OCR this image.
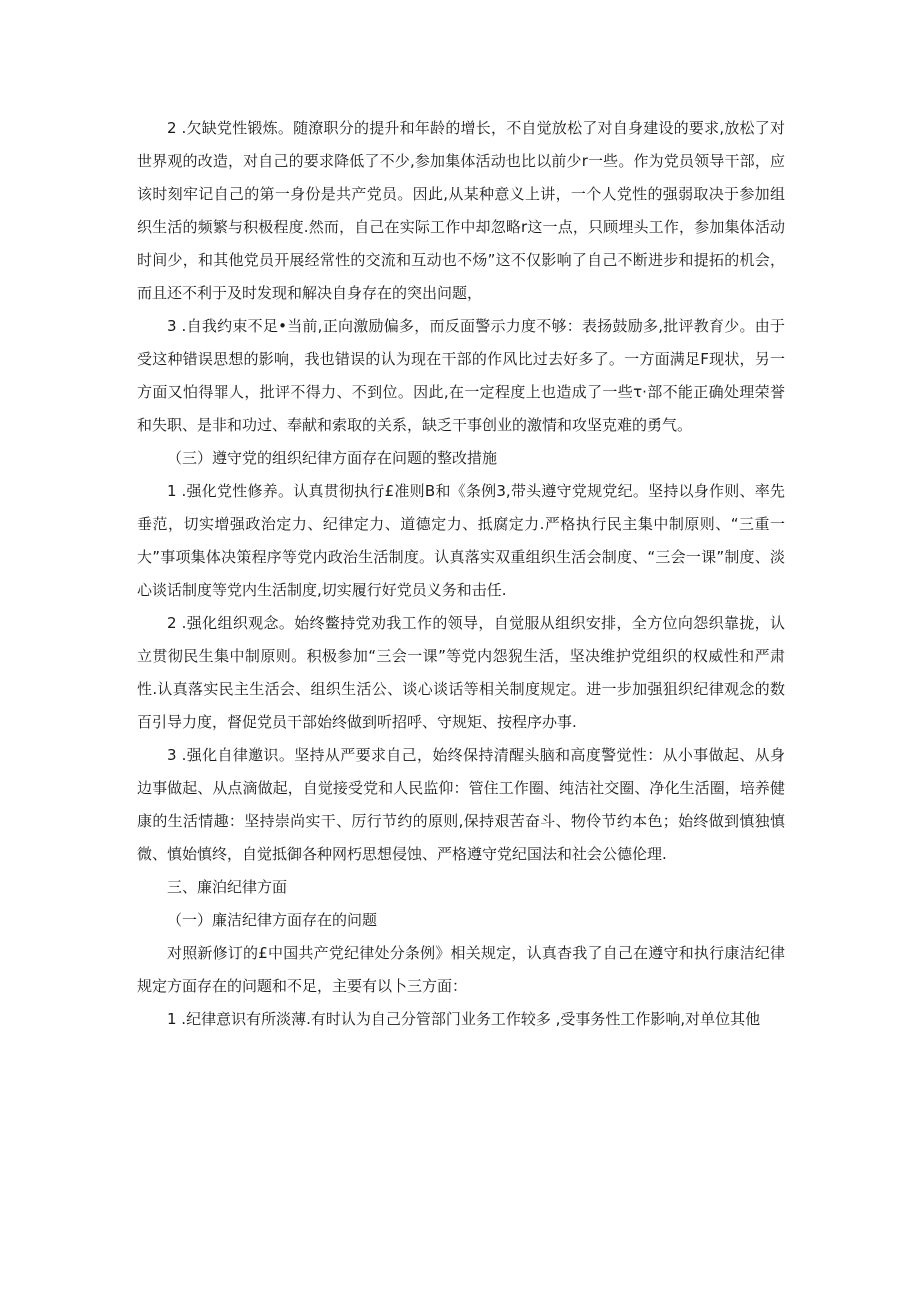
2 .欠缺党性锻炼。随潦职分的提升和年龄的增长，不自觉放松了对自身建设的要求,放松了对世界观的改造，对自己的要求降低了不少,参加集体活动也比以前少r一些。作为党员领导干部，应该时刻牢记自己的第一身份是共产党员。因此,从某种意义上讲，一个人党性的强弱取决于参加组织生活的频繁与积极程度.然而，自己在实际工作中却忽略r这一点，只顾埋头工作，参加集体活动时间少，和其他党员开展经常性的交流和互动也不炀”这不仅影响了自己不断进步和提拓的机会，而且还不利于及时发现和解决自身存在的突出问题，

3 .自我约束不足•当前,正向激励偏多，而反面警示力度不够：表扬鼓励多,批评教育少。由于受这种错误思想的影响，我也错误的认为现在干部的作风比过去好多了。一方面满足F现状，另一方面又怕得罪人，批评不得力、不到位。因此,在一定程度上也造成了一些τ·部不能正确处理荣誉和失职、是非和功过、奉献和索取的关系，缺乏干事创业的激情和攻坚克难的勇气。

（三）遵守党的组织纪律方面存在问题的整改措施

1 .强化党性修养。认真贯彻执行£准则B和《条例3,带头遵守党规党纪。坚持以身作则、率先垂范，切实增强政治定力、纪律定力、道德定力、抵腐定力.严格执行民主集中制原则、“三重一大”事项集体决策程序等党内政治生活制度。认真落实双重组织生活会制度、“三会一课”制度、淡心谈话制度等党内生活制度,切实履行好党员义务和击任.

2 .强化组织观念。始终鳖持党劝我工作的领导，自觉服从组织安排，全方位向怨织靠拢，认立贯彻民生集中制原则。积极参加“三会一课”等党内怨猊生活，坚决维护党组织的权威性和严肃性.认真落实民主生活会、组织生活公、谈心谈话等相关制度规定。进一步加强狙织纪律观念的数百引导力度，督促党员干部始终做到听招呼、守规矩、按程序办事.

3 .强化自律邀识。坚持从严要求自己，始终保持清醒头脑和高度警觉性：从小事做起、从身边事做起、从点滴做起，自觉接受党和人民监仰：管住工作圈、纯洁社交圈、净化生活圈，培养健康的生活情趣：坚持崇尚实干、厉行节约的原则,保持艰苦奋斗、物伶节约本色；始终做到慎独慎微、慎始慎终，自觉抵御各种网朽思想侵蚀、严格遵守党纪国法和社会公德伦理.

三、廉泊纪律方面

（一）廉洁纪律方面存在的问题

对照新修订的£中国共产党纪律处分条例》相关规定，认真杳我了自己在遵守和执行康洁纪律规定方面存在的问题和不足，主要有以卜三方面：

1 .纪律意识有所淡薄.有时认为自己分管部门业务工作较多 ,受事务性工作影响,对单位其他
